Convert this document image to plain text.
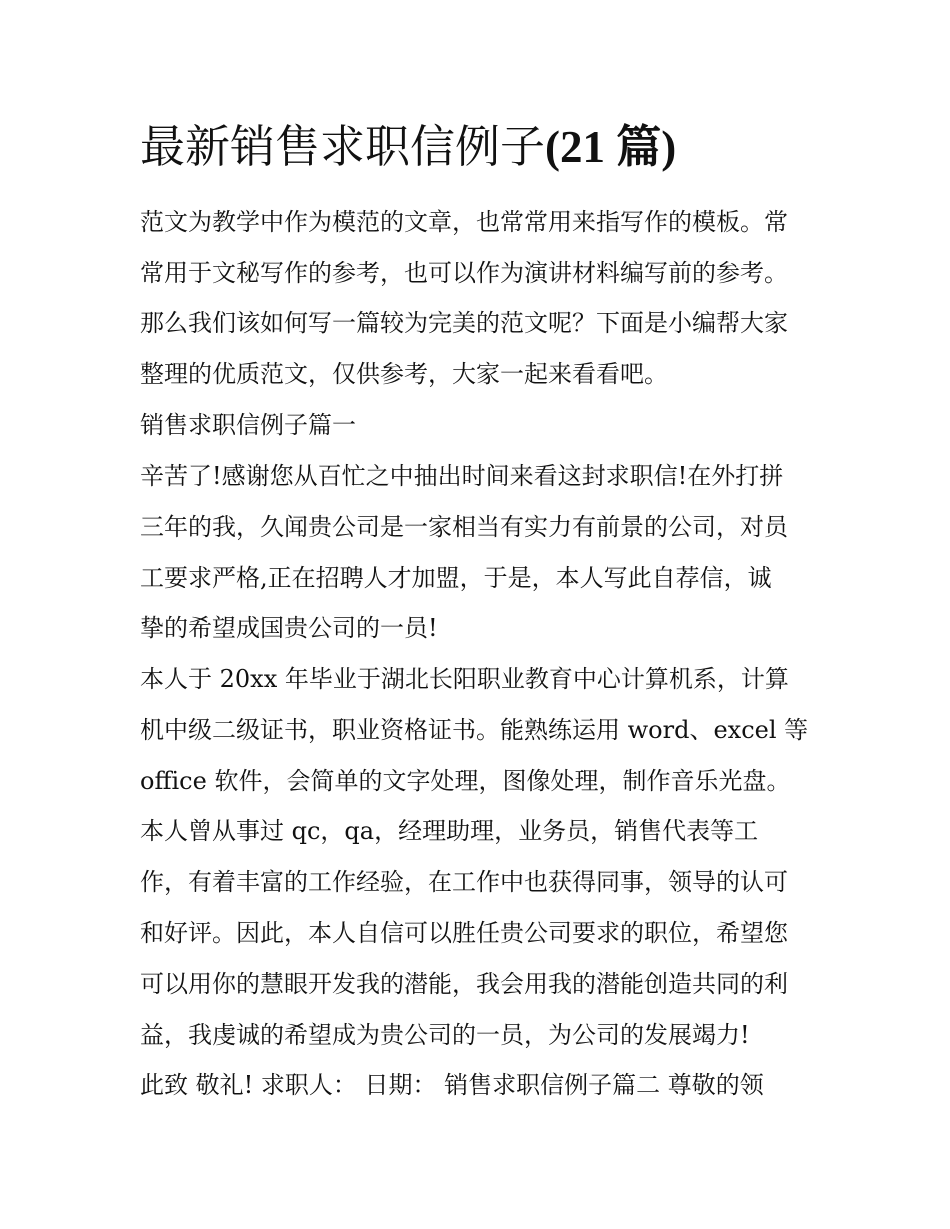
最新销售求职信例子(21 篇)

范文为教学中作为模范的文章，也常常用来指写作的模板。常

常用于文秘写作的参考，也可以作为演讲材料编写前的参考。

那么我们该如何写一篇较为完美的范文呢？下面是小编帮大家

整理的优质范文，仅供参考，大家一起来看看吧。

销售求职信例子篇一

辛苦了!感谢您从百忙之中抽出时间来看这封求职信!在外打拼

三年的我，久闻贵公司是一家相当有实力有前景的公司，对员

工要求严格,正在招聘人才加盟，于是，本人写此自荐信，诚

挚的希望成国贵公司的一员!

本人于 20xx 年毕业于湖北长阳职业教育中心计算机系，计算

机中级二级证书，职业资格证书。能熟练运用 word、excel 等

office 软件，会简单的文字处理，图像处理，制作音乐光盘。

本人曾从事过 qc，qa，经理助理，业务员，销售代表等工

作，有着丰富的工作经验，在工作中也获得同事，领导的认可

和好评。因此，本人自信可以胜任贵公司要求的职位，希望您

可以用你的慧眼开发我的潜能，我会用我的潜能创造共同的利

益，我虔诚的希望成为贵公司的一员，为公司的发展竭力!

此致 敬礼! 求职人： 日期： 销售求职信例子篇二 尊敬的领
